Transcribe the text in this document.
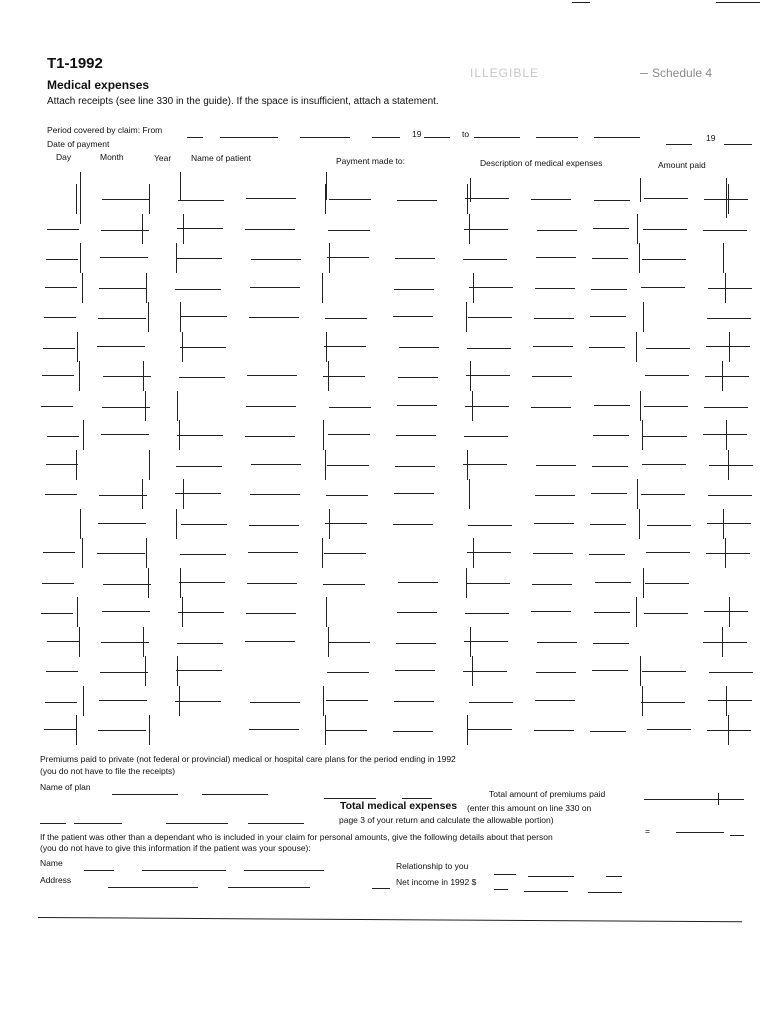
T1-1992
ILLEGIBLE	Schedule 4
Medical expenses
Attach receipts (see line 330 in the guide). If the space is insufficient, attach a statement.
Period covered by claim: From	19	to	19
Date of payment
Day	Month	Year Name of patient	Payment made to:	Description of medical expenses	Amount paid
Premiums paid to private (not federal or provincial) medical or hospital care plans for the period ending in 1992
(you do not have to file the receipts)
Name of plan
Total amount of premiums paid
Total medical expenses (enter this amount on line 330 on
page 3 of your return and calculate the allowable portion)
If the patient was other than a dependant who is included in your claim for personal amounts, give the following details about that person
=
(you do not have to give this information if the patient was your spouse):
Name
Address
Relationship to you
Net income in 1992 $
